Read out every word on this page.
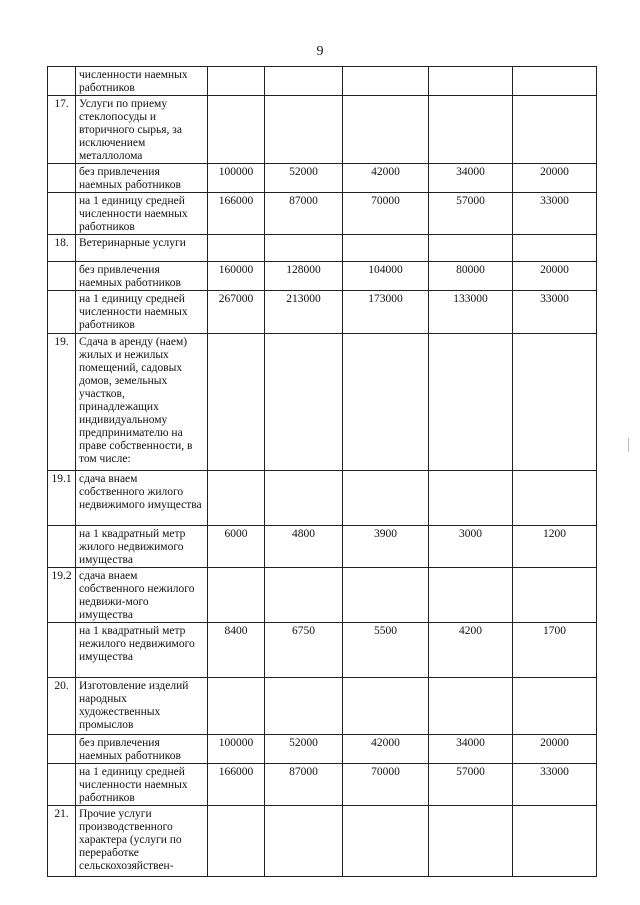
9
	численности наемных работников					
17.	Услуги по приему стеклопосуды и вторичного сырья, за исключением металлолома					
	без привлечения наемных работников	100000	52000	42000	34000	20000
	на 1 единицу средней численности наемных работников	166000	87000	70000	57000	33000
18.	Ветеринарные услуги					
	без привлечения наемных работников	160000	128000	104000	80000	20000
	на 1 единицу средней численности наемных работников	267000	213000	173000	133000	33000
19.	Сдача в аренду (наем) жилых и нежилых помещений, садовых домов, земельных участков, принадлежащих индивидуальному предпринимателю на праве собственности, в том числе:					
19.1	сдача внаем собственного жилого недвижимого имущества					
	на 1 квадратный метр жилого недвижимого имущества	6000	4800	3900	3000	1200
19.2	сдача внаем собственного нежилого недвижи-мого имущества					
	на 1 квадратный метр нежилого недвижимого имущества	8400	6750	5500	4200	1700
20.	Изготовление изделий народных художественных промыслов					
	без привлечения наемных работников	100000	52000	42000	34000	20000
	на 1 единицу средней численности наемных работников	166000	87000	70000	57000	33000
21.	Прочие услуги производственного характера (услуги по переработке сельскохозяйствен-					
